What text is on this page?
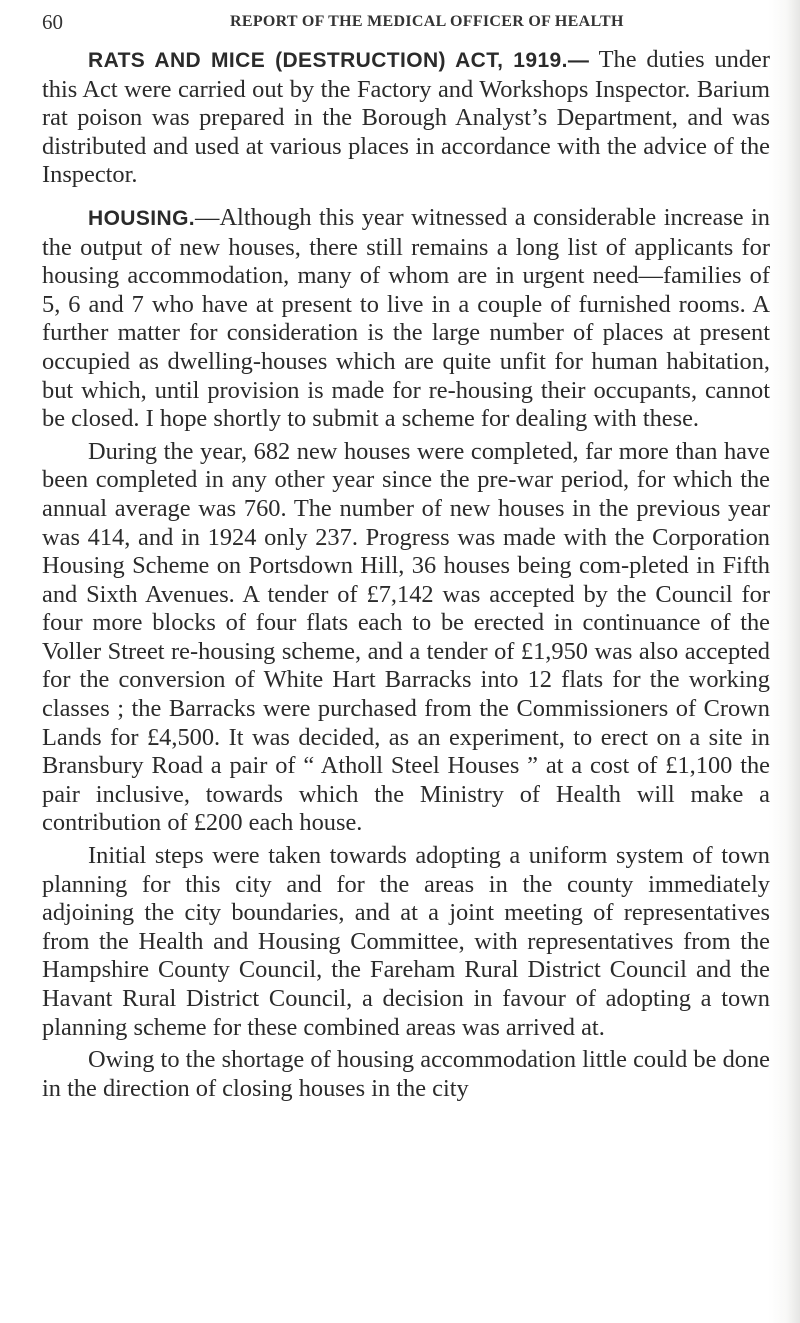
60	REPORT OF THE MEDICAL OFFICER OF HEALTH

RATS AND MICE (DESTRUCTION) ACT, 1919.— The duties under this Act were carried out by the Factory and Workshops Inspector. Barium rat poison was prepared in the Borough Analyst’s Department, and was distributed and used at various places in accordance with the advice of the Inspector.

HOUSING.—Although this year witnessed a considerable increase in the output of new houses, there still remains a long list of applicants for housing accommodation, many of whom are in urgent need—families of 5, 6 and 7 who have at present to live in a couple of furnished rooms. A further matter for consideration is the large number of places at present occupied as dwelling-houses which are quite unfit for human habitation, but which, until provision is made for re-housing their occupants, cannot be closed. I hope shortly to submit a scheme for dealing with these.

During the year, 682 new houses were completed, far more than have been completed in any other year since the pre-war period, for which the annual average was 760. The number of new houses in the previous year was 414, and in 1924 only 237. Progress was made with the Corporation Housing Scheme on Portsdown Hill, 36 houses being com-pleted in Fifth and Sixth Avenues. A tender of £7,142 was accepted by the Council for four more blocks of four flats each to be erected in continuance of the Voller Street re-housing scheme, and a tender of £1,950 was also accepted for the conversion of White Hart Barracks into 12 flats for the working classes ; the Barracks were purchased from the Commissioners of Crown Lands for £4,500. It was decided, as an experiment, to erect on a site in Bransbury Road a pair of “ Atholl Steel Houses ” at a cost of £1,100 the pair inclusive, towards which the Ministry of Health will make a contribution of £200 each house.

Initial steps were taken towards adopting a uniform system of town planning for this city and for the areas in the county immediately adjoining the city boundaries, and at a joint meeting of representatives from the Health and Housing Committee, with representatives from the Hampshire County Council, the Fareham Rural District Council and the Havant Rural District Council, a decision in favour of adopting a town planning scheme for these combined areas was arrived at.

Owing to the shortage of housing accommodation little could be done in the direction of closing houses in the city
